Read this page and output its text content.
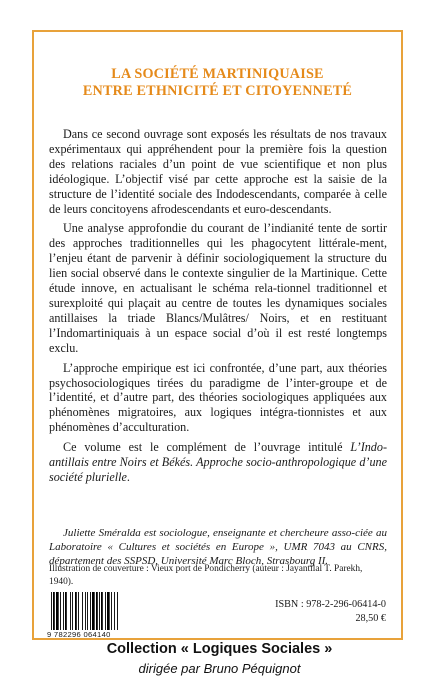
LA SOCIÉTÉ MARTINIQUAISE
ENTRE ETHNICITÉ ET CITOYENNETÉ

Dans ce second ouvrage sont exposés les résultats de nos travaux expérimentaux qui appréhendent pour la première fois la question des relations raciales d’un point de vue scientifique et non plus idéologique. L’objectif visé par cette approche est la saisie de la structure de l’identité sociale des Indodescendants, comparée à celle de leurs concitoyens afrodescendants et euro-descendants.

Une analyse approfondie du courant de l’indianité tente de sortir des approches traditionnelles qui les phagocytent littérale-ment, l’enjeu étant de parvenir à définir sociologiquement la structure du lien social observé dans le contexte singulier de la Martinique. Cette étude innove, en actualisant le schéma rela-tionnel traditionnel et surexploité qui plaçait au centre de toutes les dynamiques sociales antillaises la triade Blancs/Mulâtres/ Noirs, et en restituant l’Indomartiniquais à un espace social d’où il est resté longtemps exclu.

L’approche empirique est ici confrontée, d’une part, aux théories psychosociologiques tirées du paradigme de l’inter-groupe et de l’identité, et d’autre part, des théories sociologiques appliquées aux phénomènes migratoires, aux logiques intégra-tionnistes et aux phénomènes d’acculturation.

Ce volume est le complément de l’ouvrage intitulé L’Indo-antillais entre Noirs et Békés. Approche socio-anthropologique d’une société plurielle.

Juliette Sméralda est sociologue, enseignante et chercheure asso-ciée au Laboratoire « Cultures et sociétés en Europe », UMR 7043 au CNRS, département des SSPSD, Université Marc Bloch, Strasbourg II.

Illustration de couverture : Vieux port de Pondicherry (auteur : Jayantilal T. Parekh, 1940).
9 782296 064140
ISBN : 978-2-296-06414-0
28,50 €
Collection « Logiques Sociales »
dirigée par Bruno Péquignot
